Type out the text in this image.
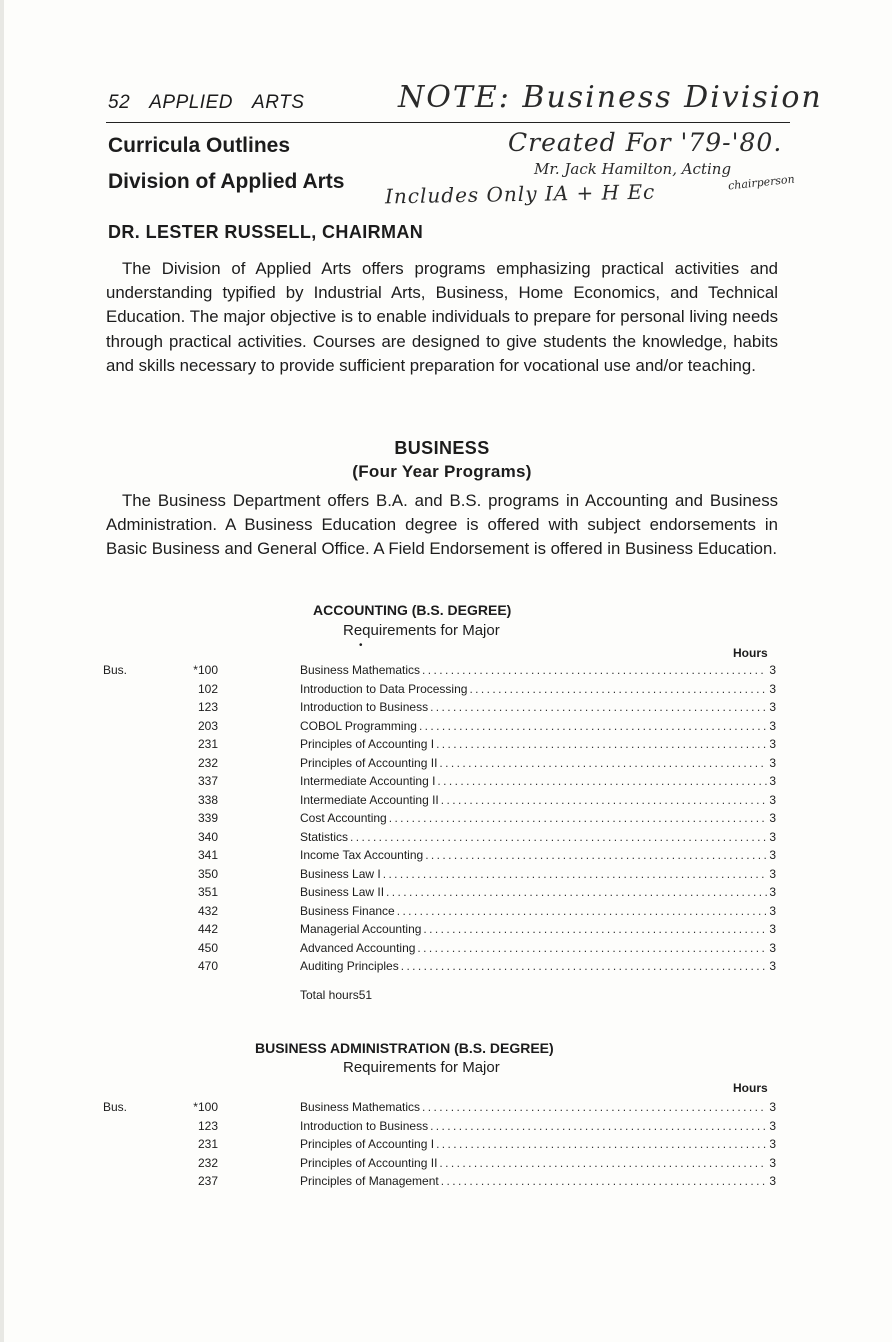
52 APPLIED ARTS	NOTE: Business Division
Created For '79-'80.
Mr. Jack Hamilton, Acting
chairperson
Includes Only IA + H Ec
Curricula Outlines
Division of Applied Arts
DR. LESTER RUSSELL, CHAIRMAN
The Division of Applied Arts offers programs emphasizing practical activities and understanding typified by Industrial Arts, Business, Home Economics, and Technical Education. The major objective is to enable individuals to prepare for personal living needs through practical activities. Courses are designed to give students the knowledge, habits and skills necessary to provide sufficient preparation for vocational use and/or teaching.
BUSINESS
(Four Year Programs)
The Business Department offers B.A. and B.S. programs in Accounting and Business Administration. A Business Education degree is offered with subject endorsements in Basic Business and General Office. A Field Endorsement is offered in Business Education.
ACCOUNTING (B.S. DEGREE)
Requirements for Major
•
Hours
Bus.	*100	Business Mathematics .....	3
102	Introduction to Data Processing .....	3
123	Introduction to Business .....	3
203	COBOL Programming .....	3
231	Principles of Accounting I .....	3
232	Principles of Accounting II .....	3
337	Intermediate Accounting I .....	3
338	Intermediate Accounting II .....	3
339	Cost Accounting .....	3
340	Statistics .....	3
341	Income Tax Accounting .....	3
350	Business Law I .....	3
351	Business Law II .....	3
432	Business Finance .....	3
442	Managerial Accounting .....	3
450	Advanced Accounting .....	3
470	Auditing Principles .....	3
Total hours 51
BUSINESS ADMINISTRATION (B.S. DEGREE)
Requirements for Major
Hours
Bus.	*100	Business Mathematics .....	3
123	Introduction to Business .....	3
231	Principles of Accounting I .....	3
232	Principles of Accounting II .....	3
237	Principles of Management .....	3
